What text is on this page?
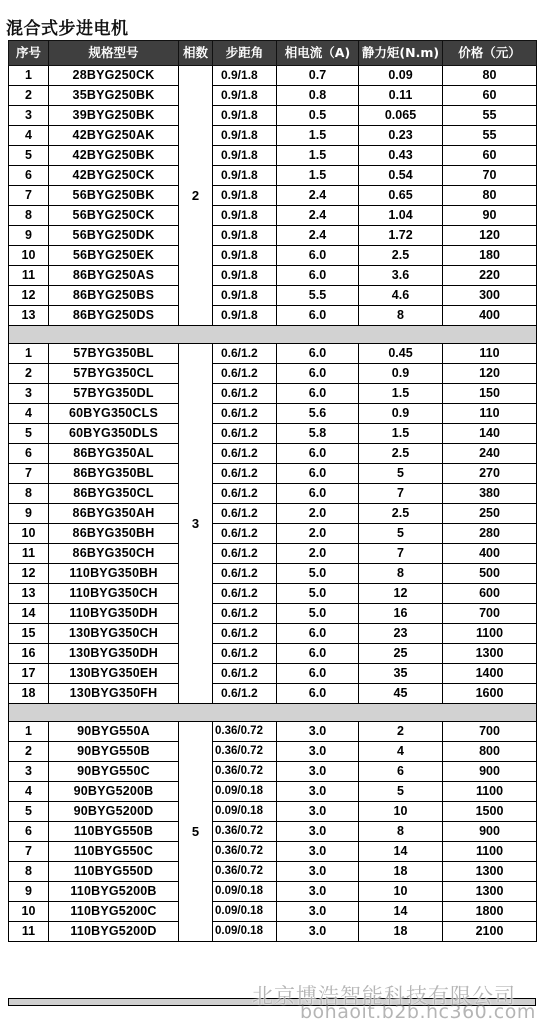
混合式步进电机
序号	规格型号	相数	步距角	相电流（A)	静力矩(N.m)	价格（元）
1	28BYG250CK	2	0.9/1.8	0.7	0.09	80
2	35BYG250BK		0.9/1.8	0.8	0.11	60
3	39BYG250BK		0.9/1.8	0.5	0.065	55
4	42BYG250AK		0.9/1.8	1.5	0.23	55
5	42BYG250BK		0.9/1.8	1.5	0.43	60
6	42BYG250CK		0.9/1.8	1.5	0.54	70
7	56BYG250BK		0.9/1.8	2.4	0.65	80
8	56BYG250CK		0.9/1.8	2.4	1.04	90
9	56BYG250DK		0.9/1.8	2.4	1.72	120
10	56BYG250EK		0.9/1.8	6.0	2.5	180
11	86BYG250AS		0.9/1.8	6.0	3.6	220
12	86BYG250BS		0.9/1.8	5.5	4.6	300
13	86BYG250DS		0.9/1.8	6.0	8	400

1	57BYG350BL	3	0.6/1.2	6.0	0.45	110
2	57BYG350CL		0.6/1.2	6.0	0.9	120
3	57BYG350DL		0.6/1.2	6.0	1.5	150
4	60BYG350CLS		0.6/1.2	5.6	0.9	110
5	60BYG350DLS		0.6/1.2	5.8	1.5	140
6	86BYG350AL		0.6/1.2	6.0	2.5	240
7	86BYG350BL		0.6/1.2	6.0	5	270
8	86BYG350CL		0.6/1.2	6.0	7	380
9	86BYG350AH		0.6/1.2	2.0	2.5	250
10	86BYG350BH		0.6/1.2	2.0	5	280
11	86BYG350CH		0.6/1.2	2.0	7	400
12	110BYG350BH		0.6/1.2	5.0	8	500
13	110BYG350CH		0.6/1.2	5.0	12	600
14	110BYG350DH		0.6/1.2	5.0	16	700
15	130BYG350CH		0.6/1.2	6.0	23	1100
16	130BYG350DH		0.6/1.2	6.0	25	1300
17	130BYG350EH		0.6/1.2	6.0	35	1400
18	130BYG350FH		0.6/1.2	6.0	45	1600

1	90BYG550A	5	0.36/0.72	3.0	2	700
2	90BYG550B		0.36/0.72	3.0	4	800
3	90BYG550C		0.36/0.72	3.0	6	900
4	90BYG5200B		0.09/0.18	3.0	5	1100
5	90BYG5200D		0.09/0.18	3.0	10	1500
6	110BYG550B		0.36/0.72	3.0	8	900
7	110BYG550C		0.36/0.72	3.0	14	1100
8	110BYG550D		0.36/0.72	3.0	18	1300
9	110BYG5200B		0.09/0.18	3.0	10	1300
10	110BYG5200C		0.09/0.18	3.0	14	1800
11	110BYG5200D		0.09/0.18	3.0	18	2100
北京博浩智能科技有限公司
bohaoit.b2b.hc360.com
